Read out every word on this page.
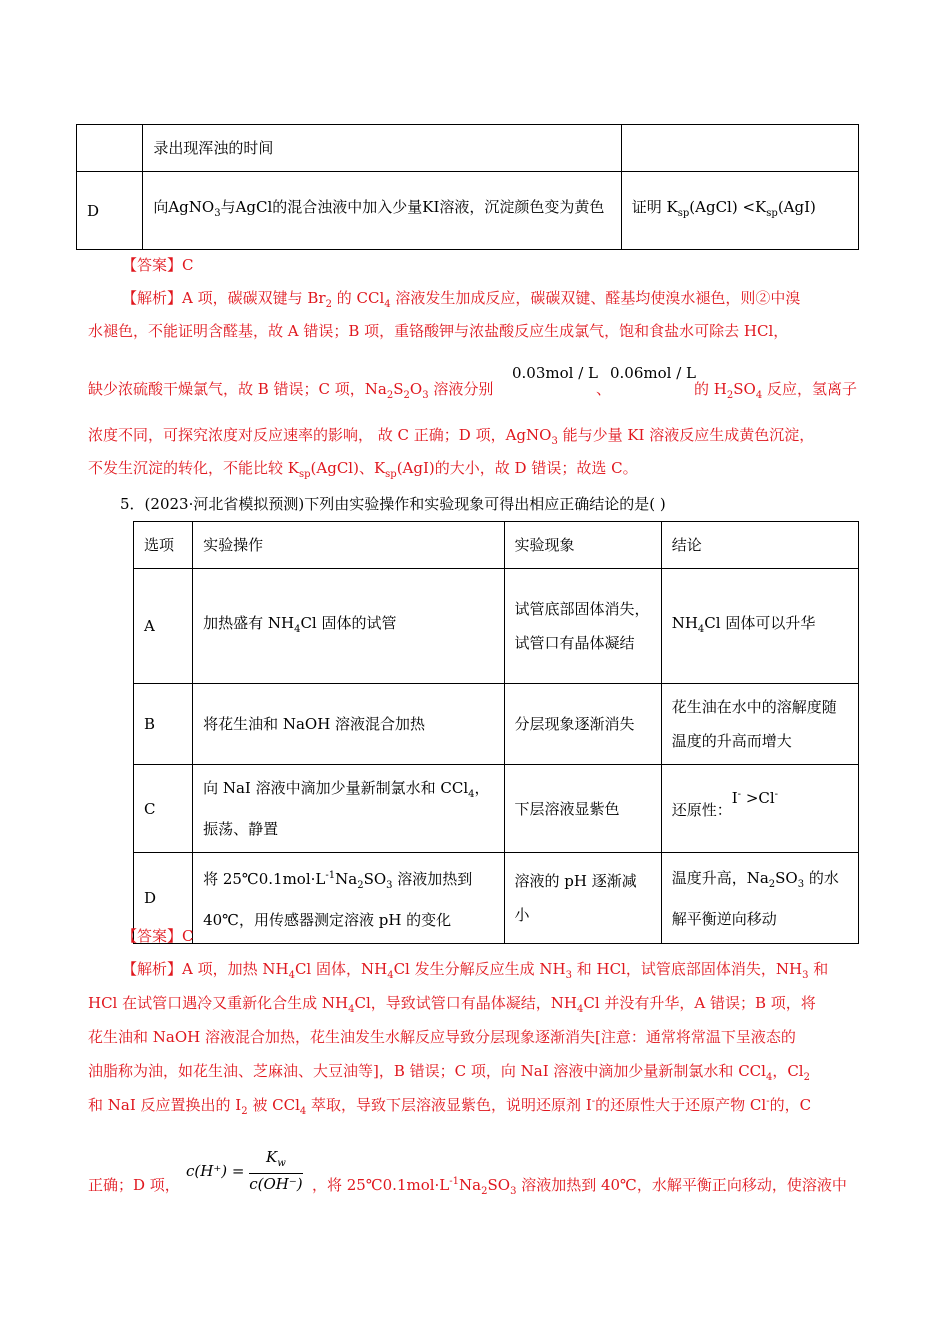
	录出现浑浊的时间	
D	向AgNO$_3$与AgCl的混合浊液中加入少量KI溶液，沉淀颜色变为黄色	证明 $K_{sp}(AgCl) <K_{sp}(AgI)$
【答案】C
【解析】A 项，碳碳双键与 $Br_2$ 的 CCl$_4$ 溶液发生加成反应，碳碳双键、醛基均使溴水褪色，则②中溴
水褪色，不能证明含醛基，故 A 错误；B 项，重铬酸钾与浓盐酸反应生成氯气，饱和食盐水可除去 HCl，
缺少浓硫酸干燥氯气，故 B 错误；C 项，$Na_2S_2O_3$ 溶液分别
0.03mol / L
、
0.06mol / L
的 $H_2SO_4$ 反应，氢离子
浓度不同，可探究浓度对反应速率的影响， 故 C 正确；D 项，AgNO$_3$ 能与少量 KI 溶液反应生成黄色沉淀，
不发生沉淀的转化，不能比较 $K_{sp}(AgCl)$、$K_{sp}(AgI)$的大小，故 D 错误；故选 C。
5．(2023·河北省模拟预测)下列由实验操作和实验现象可得出相应正确结论的是( )
选项	实验操作	实验现象	结论
A	加热盛有 $NH_4Cl$ 固体的试管	试管底部固体消失，试管口有晶体凝结	$NH_4Cl$ 固体可以升华
B	将花生油和 NaOH 溶液混合加热	分层现象逐渐消失	花生油在水中的溶解度随温度的升高而增大
C	向 NaI 溶液中滴加少量新制氯水和 CCl$_4$，振荡、静置	下层溶液显紫色	还原性：I- >Cl-
D	将 $25℃0.1mol\cdot L^{-1}Na_2SO_3$ 溶液加热到 40℃，用传感器测定溶液 pH 的变化	溶液的 pH 逐渐减小	温度升高，$Na_2SO_3$ 的水解平衡逆向移动
【答案】C
【解析】A 项，加热 $NH_4Cl$ 固体，$NH_4Cl$ 发生分解反应生成 $NH_3$ 和 HCl，试管底部固体消失，$NH_3$ 和
HCl 在试管口遇冷又重新化合生成 $NH_4Cl$，导致试管口有晶体凝结，$NH_4Cl$ 并没有升华，A 错误；B 项，将
花生油和 NaOH 溶液混合加热，花生油发生水解反应导致分层现象逐渐消失[注意：通常将常温下呈液态的
油脂称为油，如花生油、芝麻油、大豆油等]，B 错误；C 项，向 NaI 溶液中滴加少量新制氯水和 CCl$_4$，$Cl_2$
和 NaI 反应置换出的 $I_2$ 被 CCl$_4$ 萃取，导致下层溶液显紫色，说明还原剂 I-的还原性大于还原产物 Cl-的，C
正确；D 项，
$c(H^+) = \frac{K_w}{c(OH^-)}$ ，将 $25℃0.1mol\cdot L^{-1}Na_2SO_3$ 溶液加热到 40℃，水解平衡正向移动，使溶液中
